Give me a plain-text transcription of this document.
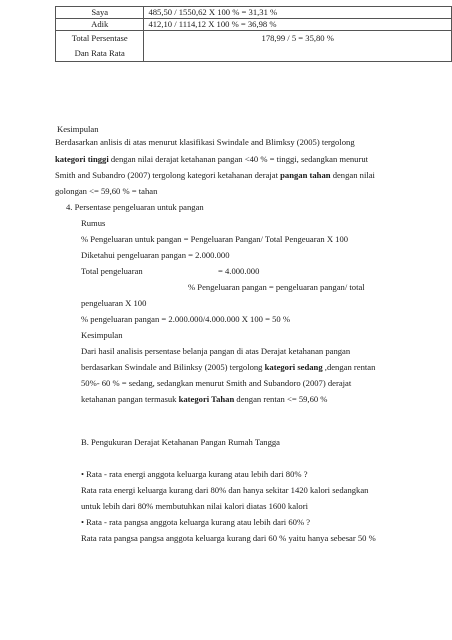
Saya	485,50 / 1550,62 X 100 % = 31,31 %
Adik	412,10 / 1114,12 X 100 % = 36,98 %

Total Persentase
Dan Rata Rata	178,99 / 5 = 35,80 %
Kesimpulan
Berdasarkan anlisis di atas menurut klasifikasi Swindale and Blimksy (2005) tergolong
kategori tinggi dengan nilai derajat ketahanan pangan <40 % = tinggi, sedangkan menurut
Smith and Subandro (2007) tergolong kategori ketahanan derajat pangan tahan dengan nilai
golongan <= 59,60 % = tahan
4. Persentase pengeluaran untuk pangan
Rumus
% Pengeluaran untuk pangan = Pengeluaran Pangan/ Total Pengeuaran X 100
Diketahui pengeluaran pangan = 2.000.000
Total pengeluaran	= 4.000.000
% Pengeluaran pangan = pengeluaran pangan/ total
pengeluaran X 100
% pengeluaran pangan = 2.000.000/4.000.000 X 100 = 50 %
Kesimpulan
Dari hasil analisis persentase belanja pangan di atas Derajat ketahanan pangan
berdasarkan Swindale and Bilinksy (2005) tergolong kategori sedang ,dengan rentan
50%- 60 % = sedang, sedangkan menurut Smith and Subandoro (2007) derajat
ketahanan pangan termasuk kategori Tahan dengan rentan <= 59,60 %
B. Pengukuran Derajat Ketahanan Pangan Rumah Tangga
• Rata - rata energi anggota keluarga kurang atau lebih dari 80% ?
Rata rata energi keluarga kurang dari 80% dan hanya sekitar 1420 kalori sedangkan
untuk lebih dari 80% membutuhkan nilai kalori diatas 1600 kalori
• Rata - rata pangsa anggota keluarga kurang atau lebih dari 60% ?
Rata rata pangsa pangsa anggota keluarga kurang dari 60 % yaitu hanya sebesar 50 %
